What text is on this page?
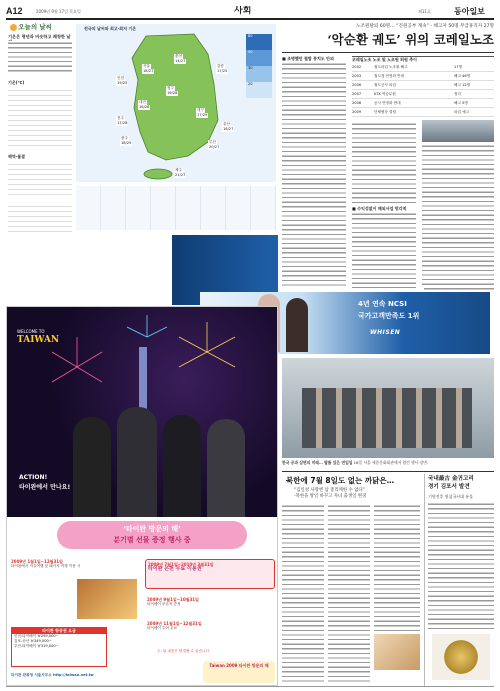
A12	2009년 9월 17일 목요일	사회	제11호	동아일보
오늘의 날씨
기온은 평년과 비슷하고 쾌청한 날
기온(℃)
해역·물결
전국의 날씨와 최고·최저 기온
서울
18/27
인천
19/25
춘천
14/27
강릉
17/25
청주
16/28
대전
16/28
전주
17/28
광주
18/29
대구
17/29
부산
20/27
울산
18/27
제주
21/27
80
50
30
20
4년 연속 NCSI
국가고객만족도 1위
WHISEN
노조원탈퇴 60명… “진원공부 계속” - 해고자 50명 무급휴직자 27명
‘악순환 궤도’ 위의 코레일노조
■ 조명했던 철밥 뭉치도 안외
■ 수익성없이 해외사업 망각적
코레일노조 노조 및 노조원 퇴원 추이
2002	철도파업 노조원 해고	17명
2003	철도청 민영화 반대	해고 46명
2006	철도공사 파업	해고 12명
2007	KTX 여승무원	정리
2008	공사 민영화 반대	해고 5명
2009	단체협상 결렬	파업 예고
WELCOME TO
TAIWAN
ACTION!
타이완에서 만나요!
‘타이완 방문의 해’
분기별 선물 증정 행사 중
2009년 1월1일~12월31일
타이완에서 자유여행 및 패키지 여행 이용 시	2009년 7월1일~2010년 3월31일
타이완 온천 무료 이용권
2009년 9월1일~10월31일
타이베이 쿠폰북 증정
2009년 11월1일~12월31일
타이베이 투어 무료
타이완 항공권 요금
인천-타이베이 ￦299,000~
김포-송산 ￦349,000~
부산-타이베이 ￦319,000~
주: 위 내용은 변경될 수 있습니다
타이완 관광청 서울사무소 http://taiwan.net.tw
Taiwan 2009 타이완 방문의 해
한국 공과 삼면의 미래… 발톱 있은 연입입 16일 서울 세종문화회관에서 열린 행사 장면.
북한에 7월 8일도 없는 까닭은…
“김일성 사망엔 삼 총리께한 수 없다”
-북한을 방일 바꾸고 자녀 출생일 변경
국내最古 金귀고리
경기 김포서 발견
기원전후 원삼국시대 유물
